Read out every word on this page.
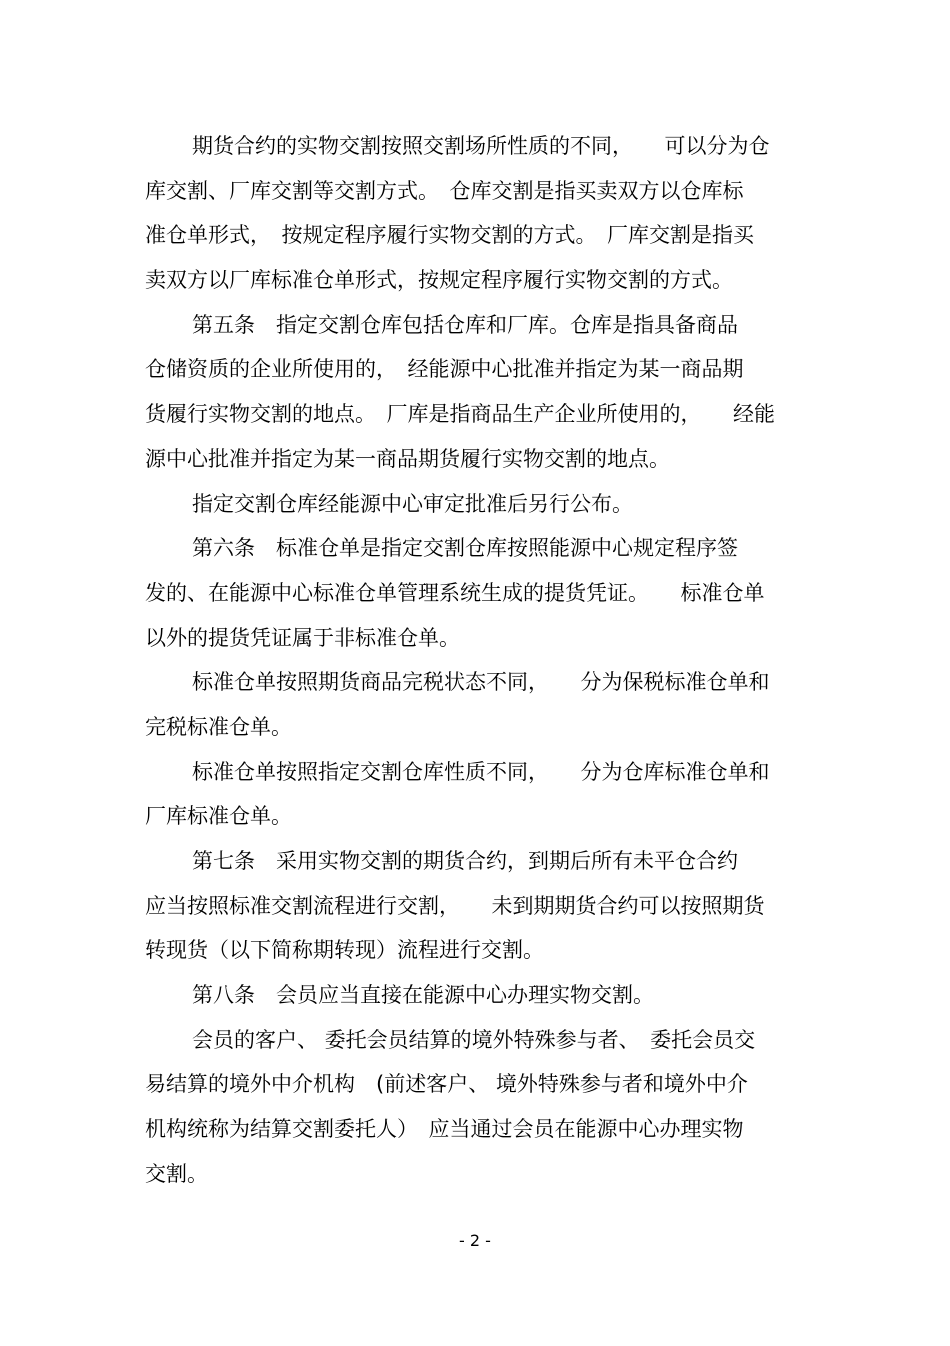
期货合约的实物交割按照交割场所性质的不同，　　可以分为仓
库交割、厂库交割等交割方式。　仓库交割是指买卖双方以仓库标
准仓单形式，　按规定程序履行实物交割的方式。　厂库交割是指买
卖双方以厂库标准仓单形式，按规定程序履行实物交割的方式。
第五条　指定交割仓库包括仓库和厂库。仓库是指具备商品
仓储资质的企业所使用的，　经能源中心批准并指定为某一商品期
货履行实物交割的地点。　厂库是指商品生产企业所使用的，　　经能
源中心批准并指定为某一商品期货履行实物交割的地点。
指定交割仓库经能源中心审定批准后另行公布。
第六条　标准仓单是指定交割仓库按照能源中心规定程序签
发的、在能源中心标准仓单管理系统生成的提货凭证。　　标准仓单
以外的提货凭证属于非标准仓单。
标准仓单按照期货商品完税状态不同，　　分为保税标准仓单和
完税标准仓单。
标准仓单按照指定交割仓库性质不同，　　分为仓库标准仓单和
厂库标准仓单。
第七条　采用实物交割的期货合约，到期后所有未平仓合约
应当按照标准交割流程进行交割，　　未到期期货合约可以按照期货
转现货（以下简称期转现）流程进行交割。
第八条　会员应当直接在能源中心办理实物交割。
会员的客户、 委托会员结算的境外特殊参与者、　委托会员交
易结算的境外中介机构　(前述客户、 境外特殊参与者和境外中介
机构统称为结算交割委托人）　应当通过会员在能源中心办理实物
交割。
- 2 -
